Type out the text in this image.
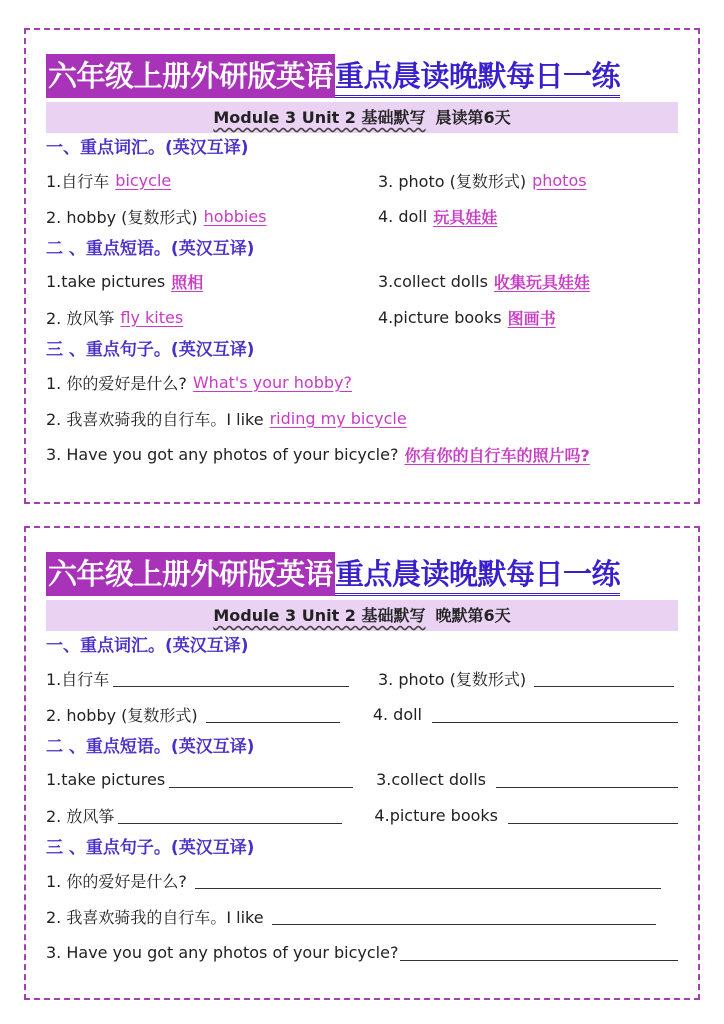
六年级上册外研版英语 重点晨读晚默每日一练
Module 3 Unit 2 基础默写 晨读第6天
一、重点词汇。(英汉互译)
1.自行车 bicycle	3. photo (复数形式) photos
2. hobby (复数形式) hobbies	4. doll 玩具娃娃
二 、重点短语。(英汉互译)
1.take pictures 照相	3.collect dolls 收集玩具娃娃
2. 放风筝 fly kites	4.picture books 图画书
三 、重点句子。(英汉互译)
1. 你的爱好是什么? What's your hobby?
2. 我喜欢骑我的自行车。I like riding my bicycle
3. Have you got any photos of your bicycle? 你有你的自行车的照片吗?
六年级上册外研版英语 重点晨读晚默每日一练
Module 3 Unit 2 基础默写 晚默第6天
一、重点词汇。(英汉互译)
1.自行车	3. photo (复数形式)
2. hobby (复数形式)	4. doll
二 、重点短语。(英汉互译)
1.take pictures	3.collect dolls
2. 放风筝	4.picture books
三 、重点句子。(英汉互译)
1. 你的爱好是什么?
2. 我喜欢骑我的自行车。I like
3. Have you got any photos of your bicycle?
